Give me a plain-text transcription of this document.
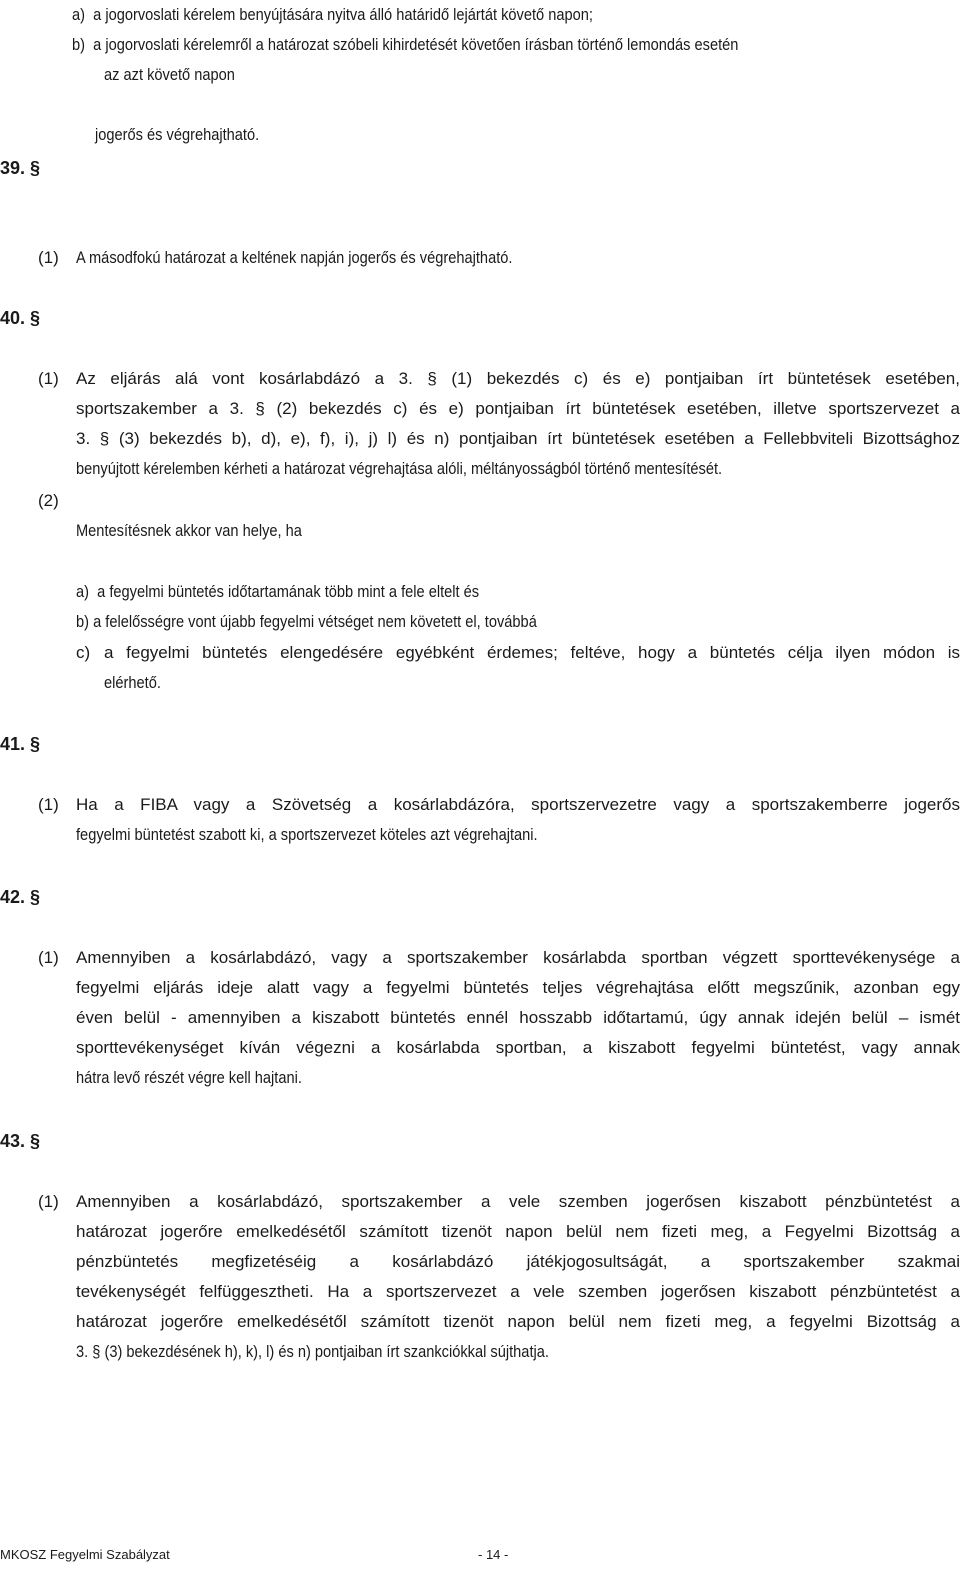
a) a jogorvoslati kérelem benyújtására nyitva álló határidő lejártát követő napon;

b) a jogorvoslati kérelemről a határozat szóbeli kihirdetését követően írásban történő lemondás esetén

az azt követő napon

jogerős és végrehajtható.

39. §

(1) A másodfokú határozat a keltének napján jogerős és végrehajtható.

40. §

(1) Az eljárás alá vont kosárlabdázó a 3. § (1) bekezdés c) és e) pontjaiban írt büntetések esetében,

sportszakember a 3. § (2) bekezdés c) és e) pontjaiban írt büntetések esetében, illetve sportszervezet a

3. § (3) bekezdés b), d), e), f), i), j) l) és n) pontjaiban írt büntetések esetében a Fellebbviteli Bizottsághoz

benyújtott kérelemben kérheti a határozat végrehajtása alóli, méltányosságból történő mentesítését.

(2)

Mentesítésnek akkor van helye, ha

a) a fegyelmi büntetés időtartamának több mint a fele eltelt és

b) a felelősségre vont újabb fegyelmi vétséget nem követett el, továbbá

c) a fegyelmi büntetés elengedésére egyébként érdemes; feltéve, hogy a büntetés célja ilyen módon is

elérhető.

41. §

(1) Ha a FIBA vagy a Szövetség a kosárlabdázóra, sportszervezetre vagy a sportszakemberre jogerős

fegyelmi büntetést szabott ki, a sportszervezet köteles azt végrehajtani.

42. §

(1) Amennyiben a kosárlabdázó, vagy a sportszakember kosárlabda sportban végzett sporttevékenysége a

fegyelmi eljárás ideje alatt vagy a fegyelmi büntetés teljes végrehajtása előtt megszűnik, azonban egy

éven belül - amennyiben a kiszabott büntetés ennél hosszabb időtartamú, úgy annak idején belül – ismét

sporttevékenységet kíván végezni a kosárlabda sportban, a kiszabott fegyelmi büntetést, vagy annak

hátra levő részét végre kell hajtani.

43. §

(1) Amennyiben a kosárlabdázó, sportszakember a vele szemben jogerősen kiszabott pénzbüntetést a

határozat jogerőre emelkedésétől számított tizenöt napon belül nem fizeti meg, a Fegyelmi Bizottság a

pénzbüntetés megfizetéséig a kosárlabdázó játékjogosultságát, a sportszakember szakmai

tevékenységét felfüggesztheti. Ha a sportszervezet a vele szemben jogerősen kiszabott pénzbüntetést a

határozat jogerőre emelkedésétől számított tizenöt napon belül nem fizeti meg, a fegyelmi Bizottság a

3. § (3) bekezdésének h), k), l) és n) pontjaiban írt szankciókkal sújthatja.

MKOSZ Fegyelmi Szabályzat	- 14 -
